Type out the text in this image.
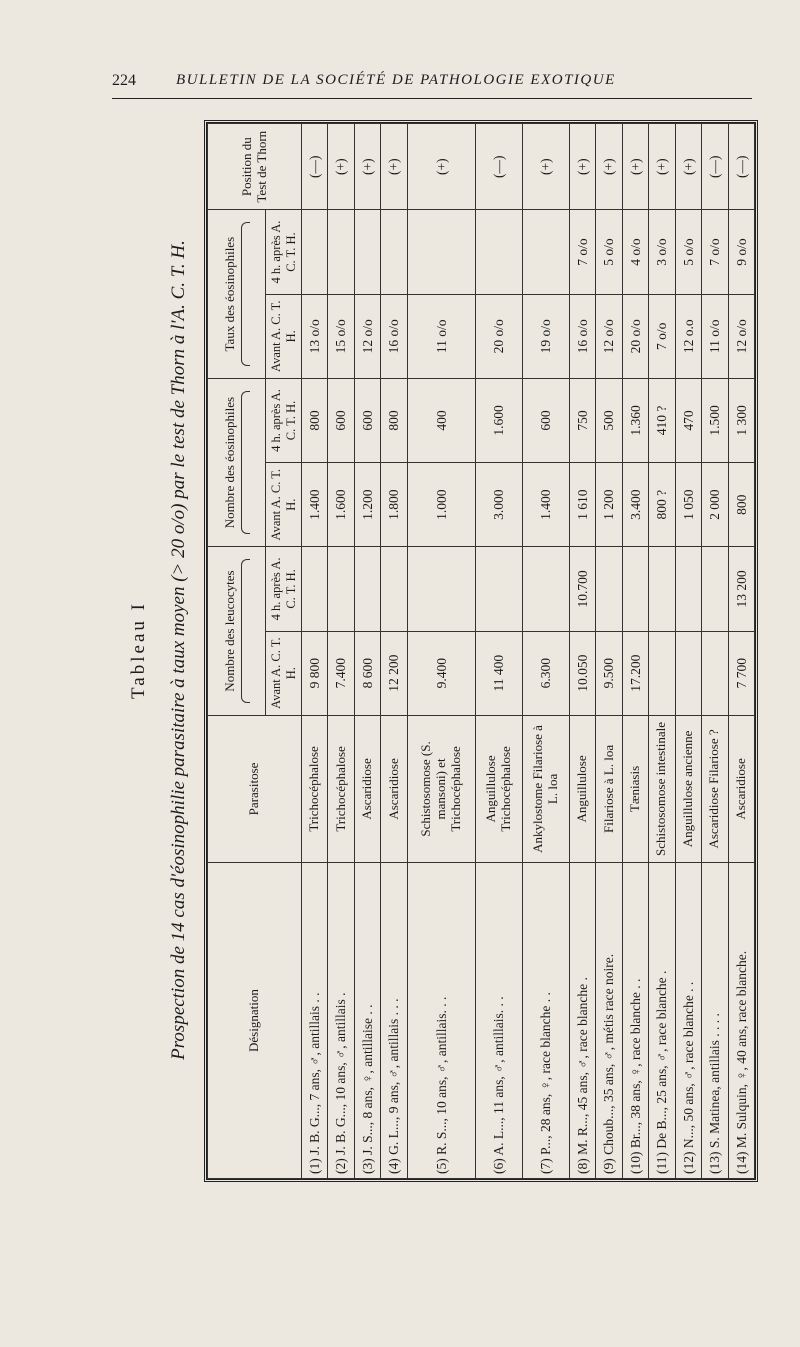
224	BULLETIN DE LA SOCIÉTÉ DE PATHOLOGIE EXOTIQUE
Tableau I Prospection de 14 cas d'éosinophilie parasitaire à taux moyen (> 20 o/o) par le test de Thorn à l'A. C. T. H.	Désignation	Parasitose	Nombre des leucocytes		Nombre des éosinophiles		Taux des éosinophiles		Position du Test de Thorn
		Avant A. C. T. H.	4 h. après A. C. T. H.	Avant A. C. T. H.	4 h. après A. C. T. H.	Avant A. C. T. H.	4 h. après A. C. T. H.	
(1) J. B. G..., 7 ans, ♂, antillais . .	Trichocéphalose	9 800		1.400	800	13 o/o		(—)
(2) J. B. G..., 10 ans, ♂, antillais .	Trichocéphalose	7.400		1.600	600	15 o/o		(+)
(3) J. S..., 8 ans, ♀, antillaise . .	Ascaridiose	8 600		1.200	600	12 o/o		(+)
(4) G. L..., 9 ans, ♂, antillais . . .	Ascaridiose	12 200		1.800	800	16 o/o		(+)
(5) R. S..., 10 ans, ♂, antillais. . .	Schistosomose (S. mansoni) et Trichocéphalose	9.400		1.000	400	11 o/o		(+)
(6) A. L..., 11 ans, ♂, antillais. . .	Anguillulose Trichocéphalose	11 400		3.000	1.600	20 o/o		(—)
(7) P..., 28 ans, ♀, race blanche . .	Ankylostome Filariose à L. loa	6.300		1.400	600	19 o/o		(+)
(8) M. R..., 45 ans, ♂, race blanche .	Anguillulose	10.050	10.700	1 610	750	16 o/o	7 o/o	(+)
(9) Choub..., 35 ans, ♂, métis race noire.	Filariose à L. loa	9.500		1 200	500	12 o/o	5 o/o	(+)
(10) Br..., 38 ans, ♀, race blanche . .	Tæniasis	17.200		3.400	1.360	20 o/o	4 o/o	(+)
(11) De B..., 25 ans, ♂, race blanche .	Schistosomose intestinale			800 ?	410 ?	7 o/o	3 o/o	(+)
(12) N..., 50 ans, ♂, race blanche . .	Anguillulose ancienne			1 050	470	12 o.o	5 o/o	(+)
(13) S. Matinea, antillais . . . .	Ascaridiose Filariose ?			2 000	1.500	11 o/o	7 o/o	(—)
(14) M. Sulquin, ♀, 40 ans, race blanche.	Ascaridiose	7 700	13 200	800	1 300	12 o/o	9 o/o	(—)
